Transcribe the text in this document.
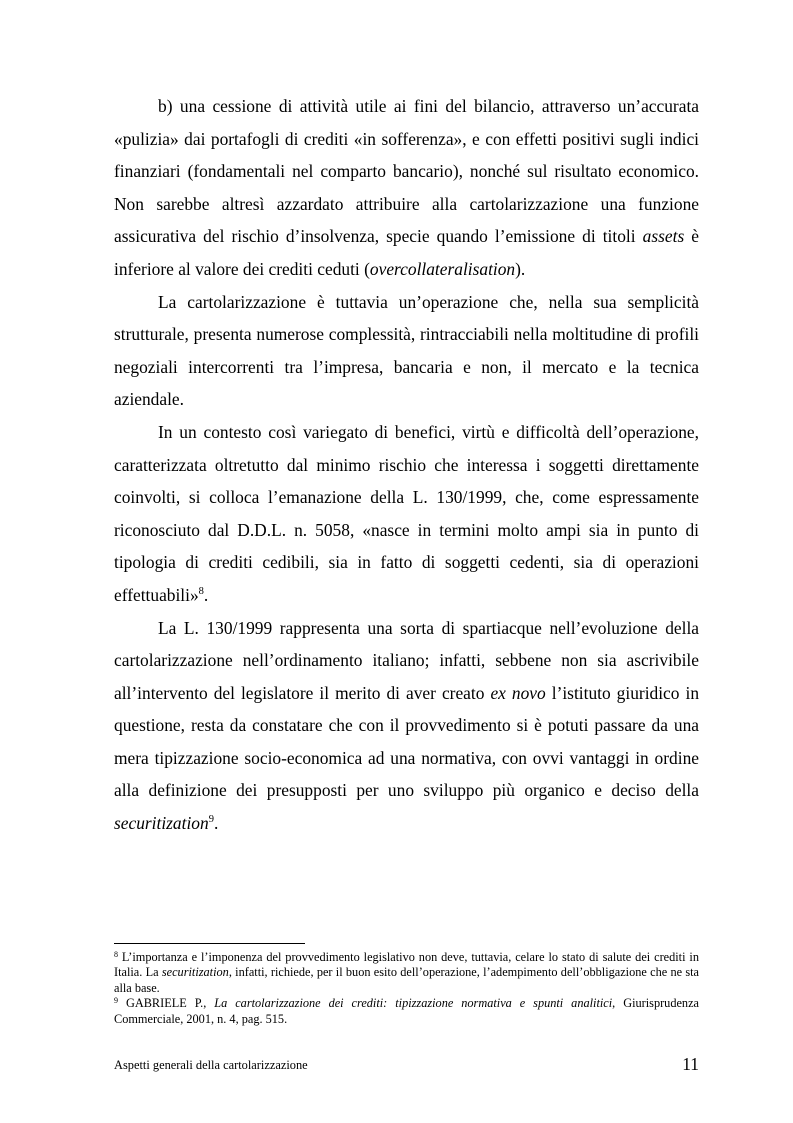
b) una cessione di attività utile ai fini del bilancio, attraverso un’accurata «pulizia» dai portafogli di crediti «in sofferenza», e con effetti positivi sugli indici finanziari (fondamentali nel comparto bancario), nonché sul risultato economico. Non sarebbe altresì azzardato attribuire alla cartolarizzazione una funzione assicurativa del rischio d’insolvenza, specie quando l’emissione di titoli assets è inferiore al valore dei crediti ceduti (overcollateralisation).

La cartolarizzazione è tuttavia un’operazione che, nella sua semplicità strutturale, presenta numerose complessità, rintracciabili nella moltitudine di profili negoziali intercorrenti tra l’impresa, bancaria e non, il mercato e la tecnica aziendale.

In un contesto così variegato di benefici, virtù e difficoltà dell’operazione, caratterizzata oltretutto dal minimo rischio che interessa i soggetti direttamente coinvolti, si colloca l’emanazione della L. 130/1999, che, come espressamente riconosciuto dal D.D.L. n. 5058, «nasce in termini molto ampi sia in punto di tipologia di crediti cedibili, sia in fatto di soggetti cedenti, sia di operazioni effettuabili»$^8$.

La L. 130/1999 rappresenta una sorta di spartiacque nell’evoluzione della cartolarizzazione nell’ordinamento italiano; infatti, sebbene non sia ascrivibile all’intervento del legislatore il merito di aver creato ex novo l’istituto giuridico in questione, resta da constatare che con il provvedimento si è potuti passare da una mera tipizzazione socio-economica ad una normativa, con ovvi vantaggi in ordine alla definizione dei presupposti per uno sviluppo più organico e deciso della securitization$^9$.

$^8$ L’importanza e l’imponenza del provvedimento legislativo non deve, tuttavia, celare lo stato di salute dei crediti in Italia. La securitization, infatti, richiede, per il buon esito dell’operazione, l’adempimento dell’obbligazione che ne sta alla base.

$^9$ GABRIELE P., La cartolarizzazione dei crediti: tipizzazione normativa e spunti analitici, Giurisprudenza Commerciale, 2001, n. 4, pag. 515.

Aspetti generali della cartolarizzazione	11
